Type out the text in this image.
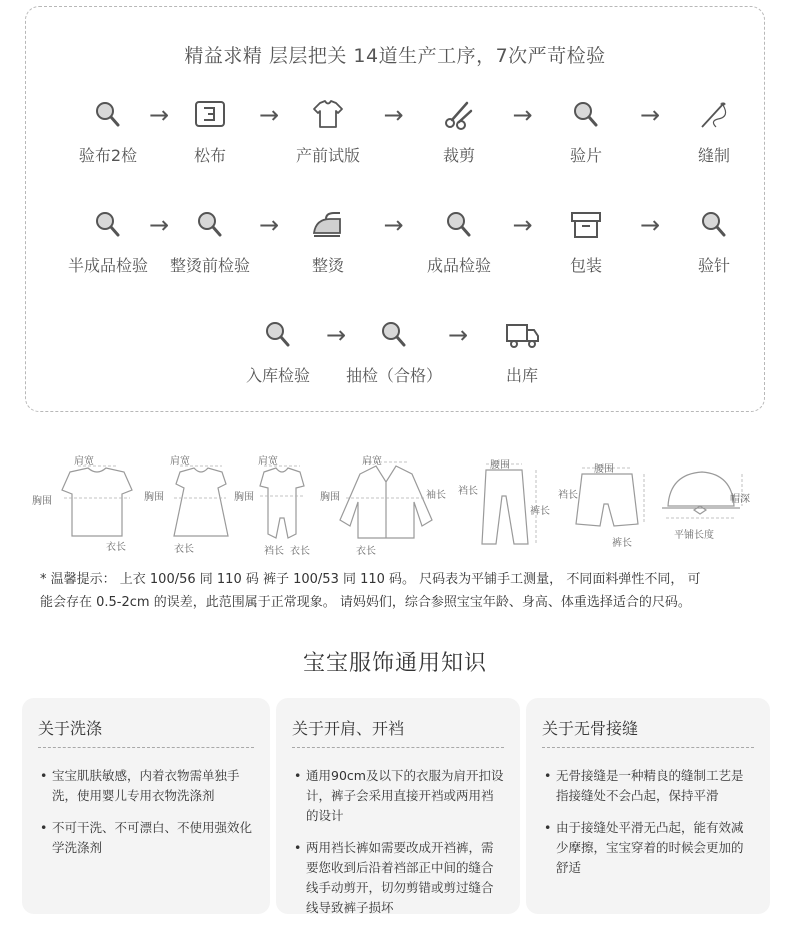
精益求精 层层把关 14道生产工序，7次严苛检验
验布2检
→
松布
→
产前试版
→
裁剪
→
验片
→
缝制
半成品检验
→
整烫前检验
→
整烫
→
成品检验
→
包装
→
验针
入库检验
→
抽检（合格）
→
出库
肩宽
胸围
衣长
肩宽
胸围
衣长
肩宽
胸围
裆长 衣长
肩宽
胸围	袖长
衣长
腰围
裆长
裤长
腰围
裆长
裤长
帽深
平铺长度
* 温馨提示： 上衣 100/56 同 110 码 裤子 100/53 同 110 码。 尺码表为平铺手工测量， 不同面料弹性不同， 可
能会存在 0.5-2cm 的误差，此范围属于正常现象。 请妈妈们，综合参照宝宝年龄、身高、体重选择适合的尺码。
宝宝服饰通用知识
关于洗涤
• 宝宝肌肤敏感，内着衣物需单独手洗，使用婴儿专用衣物洗涤剂
• 不可干洗、不可漂白、不使用强效化学洗涤剂
关于开肩、开裆
• 通用90cm及以下的衣服为肩开扣设计，裤子会采用直接开裆或两用裆的设计
• 两用裆长裤如需要改成开裆裤，需要您收到后沿着裆部正中间的缝合线手动剪开，切勿剪错或剪过缝合线导致裤子损坏
关于无骨接缝
• 无骨接缝是一种精良的缝制工艺是指接缝处不会凸起，保持平滑
• 由于接缝处平滑无凸起，能有效减少摩擦，宝宝穿着的时候会更加的舒适
